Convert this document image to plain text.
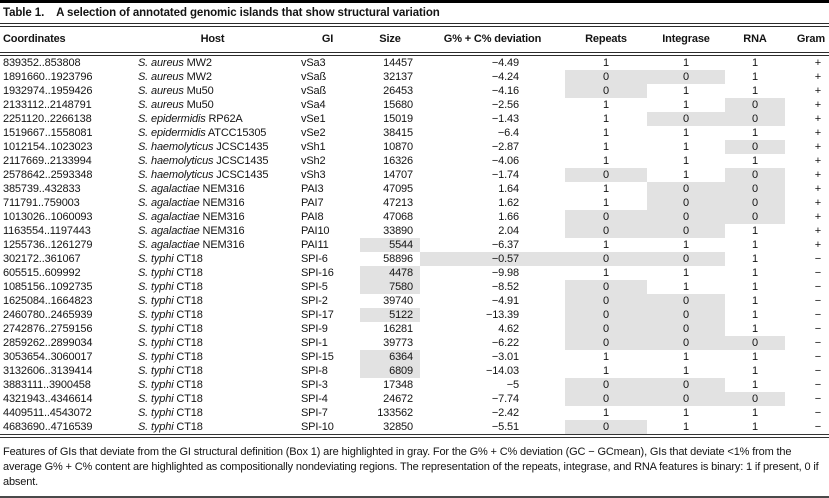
Table 1. A selection of annotated genomic islands that show structural variation
Coordinates	Host	GI	Size	G% + C% deviation	Repeats	Integrase	RNA	Gram
839352..853808	S. aureus MW2	vSa3	14457	−4.49	1	1	1	+
1891660..1923796	S. aureus MW2	vSaß	32137	−4.24	0	0	1	+
1932974..1959426	S. aureus Mu50	vSaß	26453	−4.16	0	1	1	+
2133112..2148791	S. aureus Mu50	vSa4	15680	−2.56	1	1	0	+
2251120..2266138	S. epidermidis RP62A	vSe1	15019	−1.43	1	0	0	+
1519667..1558081	S. epidermidis ATCC15305	vSe2	38415	−6.4	1	1	1	+
1012154..1023023	S. haemolyticus JCSC1435	vSh1	10870	−2.87	1	1	0	+
2117669..2133994	S. haemolyticus JCSC1435	vSh2	16326	−4.06	1	1	1	+
2578642..2593348	S. haemolyticus JCSC1435	vSh3	14707	−1.74	0	1	0	+
385739..432833	S. agalactiae NEM316	PAI3	47095	1.64	1	0	0	+
711791..759003	S. agalactiae NEM316	PAI7	47213	1.62	1	0	0	+
1013026..1060093	S. agalactiae NEM316	PAI8	47068	1.66	0	0	0	+
1163554..1197443	S. agalactiae NEM316	PAI10	33890	2.04	0	0	1	+
1255736..1261279	S. agalactiae NEM316	PAI11	5544	−6.37	1	1	1	+
302172..361067	S. typhi CT18	SPI-6	58896	−0.57	0	0	1	−
605515..609992	S. typhi CT18	SPI-16	4478	−9.98	1	1	1	−
1085156..1092735	S. typhi CT18	SPI-5	7580	−8.52	0	1	1	−
1625084..1664823	S. typhi CT18	SPI-2	39740	−4.91	0	0	1	−
2460780..2465939	S. typhi CT18	SPI-17	5122	−13.39	0	0	1	−
2742876..2759156	S. typhi CT18	SPI-9	16281	4.62	0	0	1	−
2859262..2899034	S. typhi CT18	SPI-1	39773	−6.22	0	0	0	−
3053654..3060017	S. typhi CT18	SPI-15	6364	−3.01	1	1	1	−
3132606..3139414	S. typhi CT18	SPI-8	6809	−14.03	1	1	1	−
3883111..3900458	S. typhi CT18	SPI-3	17348	−5	0	0	1	−
4321943..4346614	S. typhi CT18	SPI-4	24672	−7.74	0	0	0	−
4409511..4543072	S. typhi CT18	SPI-7	133562	−2.42	1	1	1	−
4683690..4716539	S. typhi CT18	SPI-10	32850	−5.51	0	1	1	−
Features of GIs that deviate from the GI structural definition (Box 1) are highlighted in gray. For the G% + C% deviation (GC − GCmean), GIs that deviate <1% from the average G% + C% content are highlighted as compositionally nondeviating regions. The representation of the repeats, integrase, and RNA features is binary: 1 if present, 0 if absent.
